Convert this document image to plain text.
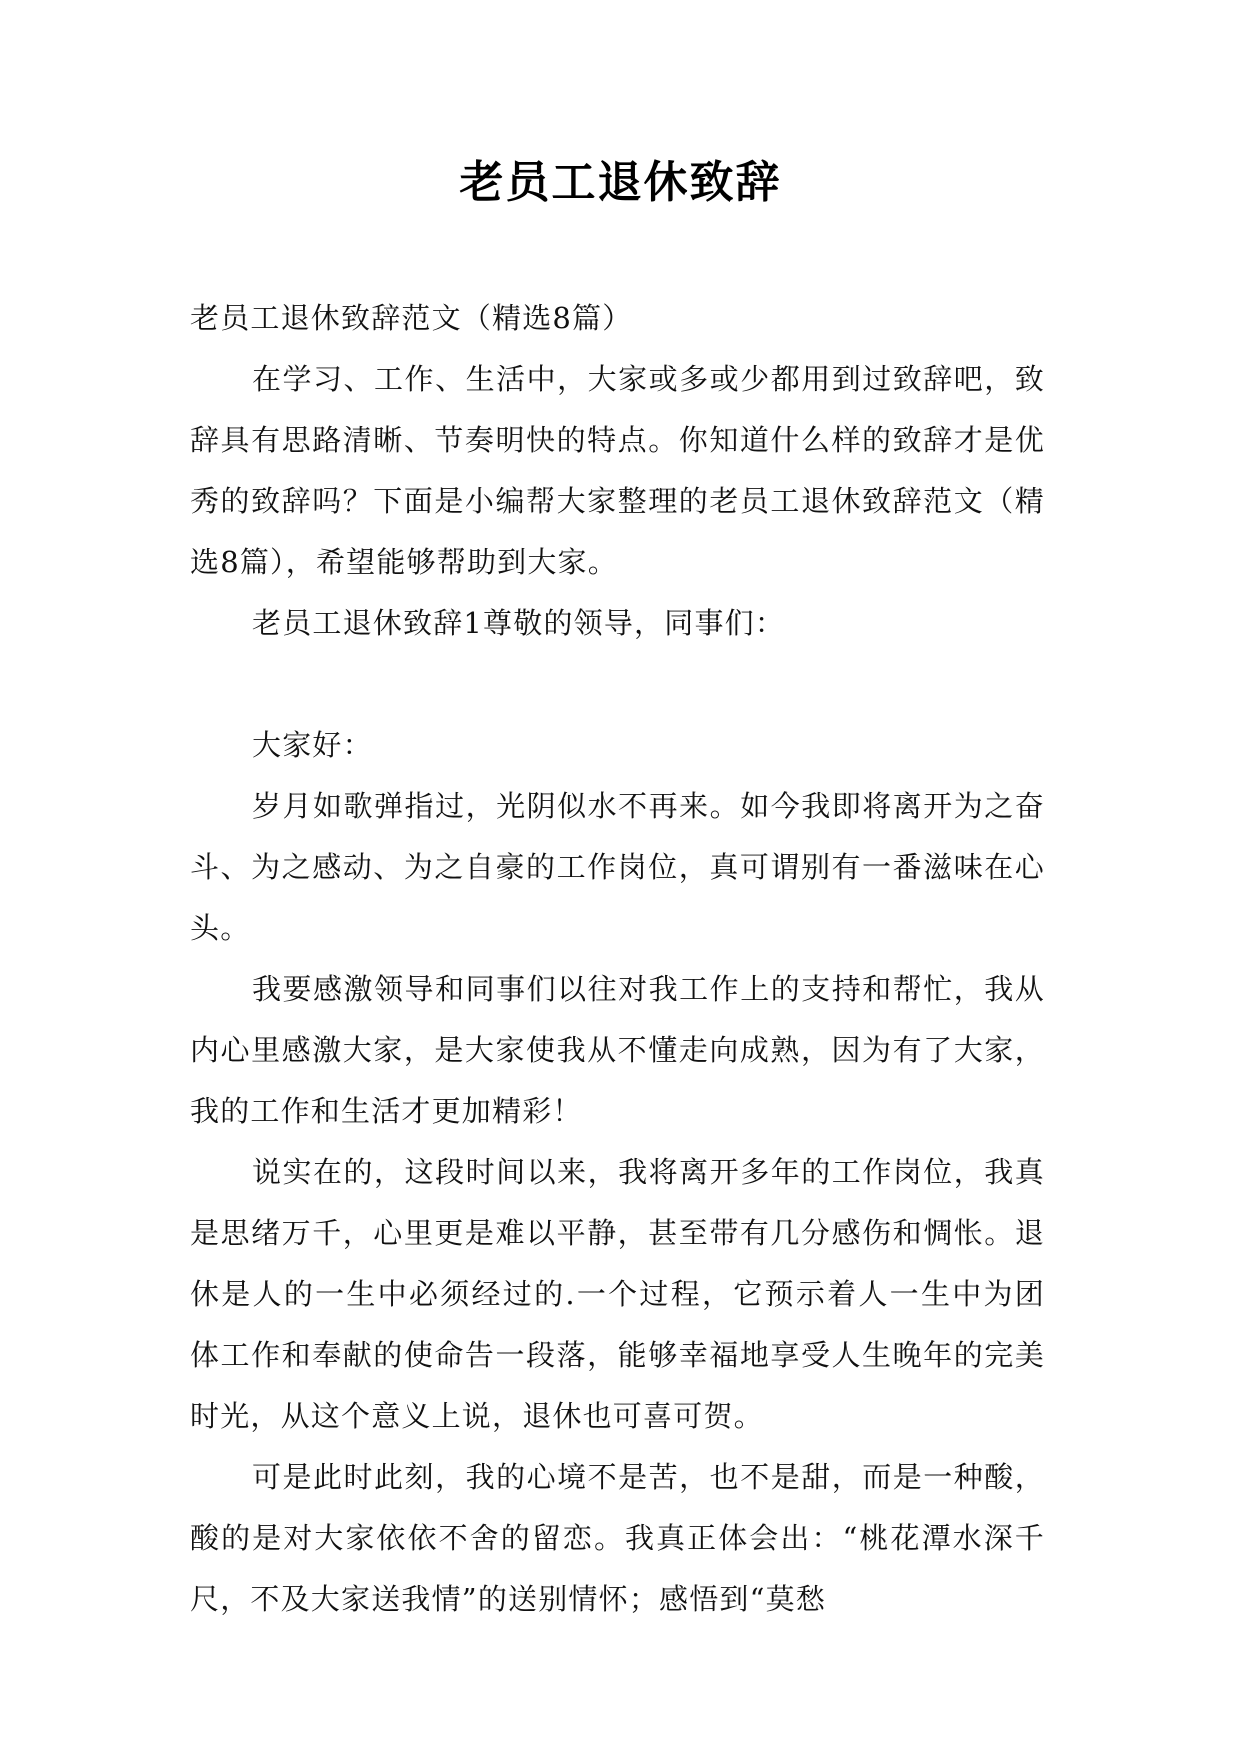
老员工退休致辞

老员工退休致辞范文（精选8篇）

在学习、工作、生活中，大家或多或少都用到过致辞吧，致辞具有思路清晰、节奏明快的特点。你知道什么样的致辞才是优秀的致辞吗？下面是小编帮大家整理的老员工退休致辞范文（精选8篇），希望能够帮助到大家。

老员工退休致辞1尊敬的领导，同事们：

大家好：

岁月如歌弹指过，光阴似水不再来。如今我即将离开为之奋斗、为之感动、为之自豪的工作岗位，真可谓别有一番滋味在心头。

我要感激领导和同事们以往对我工作上的支持和帮忙，我从内心里感激大家，是大家使我从不懂走向成熟，因为有了大家，我的工作和生活才更加精彩！

说实在的，这段时间以来，我将离开多年的工作岗位，我真是思绪万千，心里更是难以平静，甚至带有几分感伤和惆怅。退休是人的一生中必须经过的.一个过程，它预示着人一生中为团体工作和奉献的使命告一段落，能够幸福地享受人生晚年的完美时光，从这个意义上说，退休也可喜可贺。

可是此时此刻，我的心境不是苦，也不是甜，而是一种酸，酸的是对大家依依不舍的留恋。我真正体会出：“桃花潭水深千尺，不及大家送我情”的送别情怀；感悟到“莫愁
